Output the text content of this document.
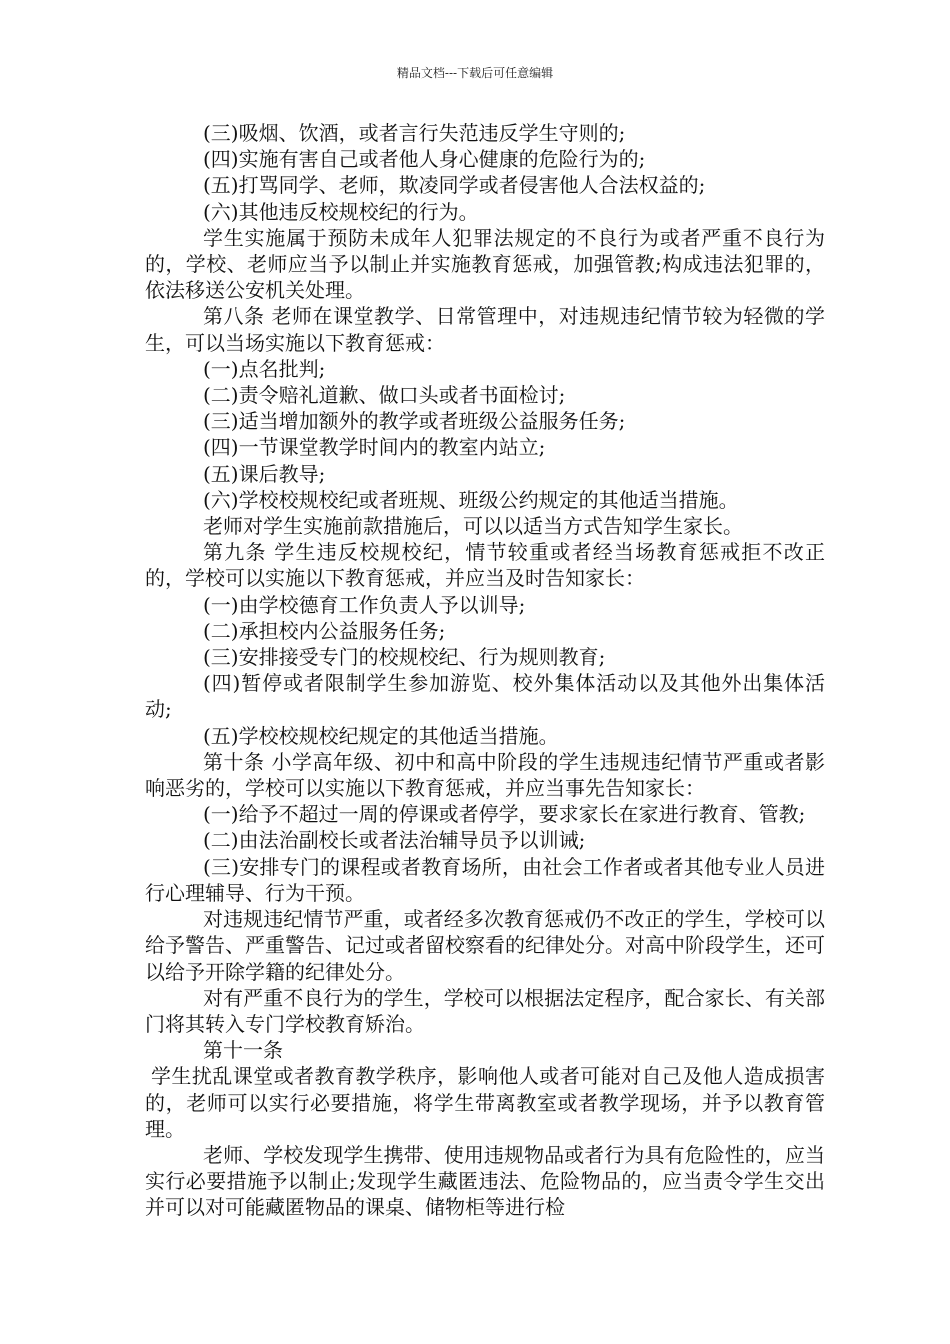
精品文档---下载后可任意编辑

(三)吸烟、饮酒，或者言行失范违反学生守则的;

(四)实施有害自己或者他人身心健康的危险行为的;

(五)打骂同学、老师，欺凌同学或者侵害他人合法权益的;

(六)其他违反校规校纪的行为。

学生实施属于预防未成年人犯罪法规定的不良行为或者严重不良行为的，学校、老师应当予以制止并实施教育惩戒，加强管教;构成违法犯罪的，依法移送公安机关处理。

第八条 老师在课堂教学、日常管理中，对违规违纪情节较为轻微的学生，可以当场实施以下教育惩戒：

(一)点名批判;

(二)责令赔礼道歉、做口头或者书面检讨;

(三)适当增加额外的教学或者班级公益服务任务;

(四)一节课堂教学时间内的教室内站立;

(五)课后教导;

(六)学校校规校纪或者班规、班级公约规定的其他适当措施。

老师对学生实施前款措施后，可以以适当方式告知学生家长。

第九条 学生违反校规校纪，情节较重或者经当场教育惩戒拒不改正的，学校可以实施以下教育惩戒，并应当及时告知家长：

(一)由学校德育工作负责人予以训导;

(二)承担校内公益服务任务;

(三)安排接受专门的校规校纪、行为规则教育;

(四)暂停或者限制学生参加游览、校外集体活动以及其他外出集体活动;

(五)学校校规校纪规定的其他适当措施。

第十条 小学高年级、初中和高中阶段的学生违规违纪情节严重或者影响恶劣的，学校可以实施以下教育惩戒，并应当事先告知家长：

(一)给予不超过一周的停课或者停学，要求家长在家进行教育、管教;

(二)由法治副校长或者法治辅导员予以训诫;

(三)安排专门的课程或者教育场所，由社会工作者或者其他专业人员进行心理辅导、行为干预。

对违规违纪情节严重，或者经多次教育惩戒仍不改正的学生，学校可以给予警告、严重警告、记过或者留校察看的纪律处分。对高中阶段学生，还可以给予开除学籍的纪律处分。

对有严重不良行为的学生，学校可以根据法定程序，配合家长、有关部门将其转入专门学校教育矫治。

第十一条

学生扰乱课堂或者教育教学秩序，影响他人或者可能对自己及他人造成损害的，老师可以实行必要措施，将学生带离教室或者教学现场，并予以教育管理。

老师、学校发现学生携带、使用违规物品或者行为具有危险性的，应当实行必要措施予以制止;发现学生藏匿违法、危险物品的，应当责令学生交出并可以对可能藏匿物品的课桌、储物柜等进行检
